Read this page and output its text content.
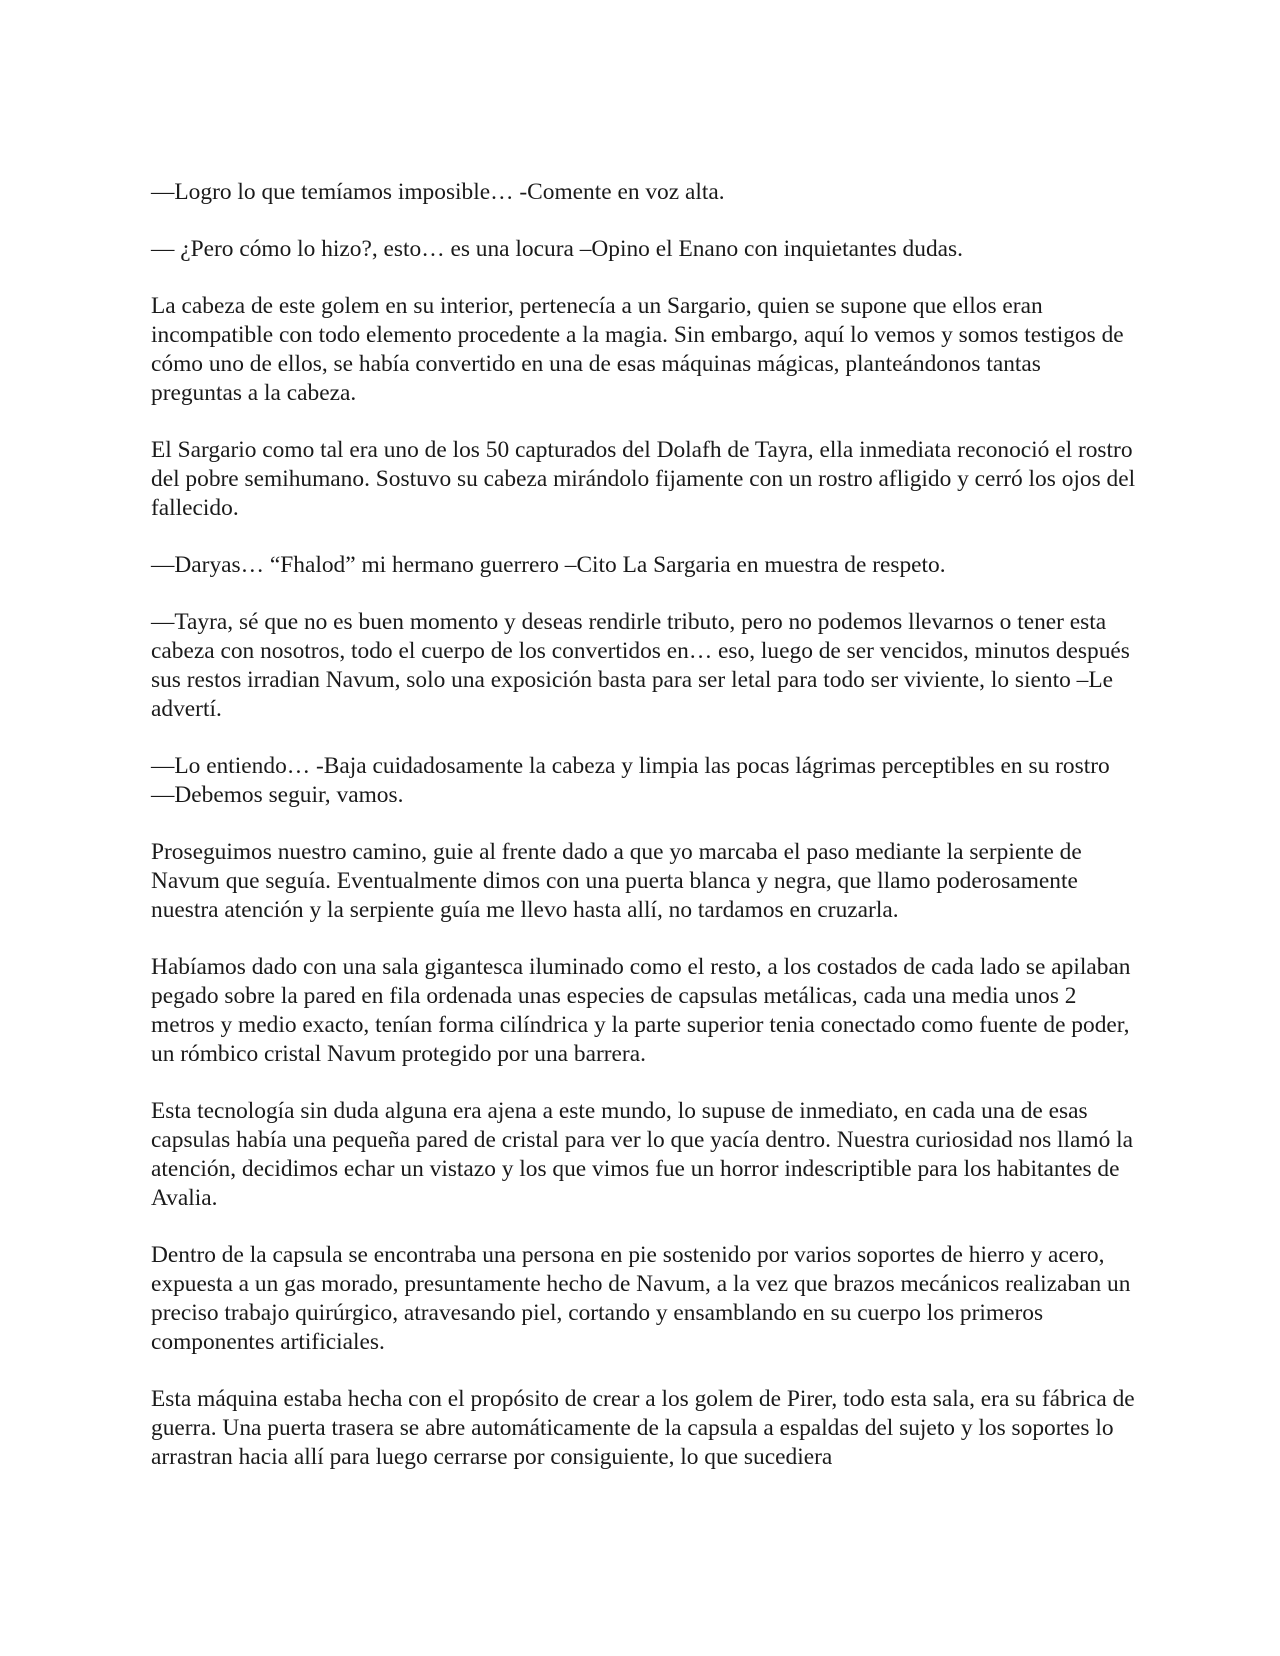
—Logro lo que temíamos imposible… -Comente en voz alta.

— ¿Pero cómo lo hizo?, esto… es una locura –Opino el Enano con inquietantes dudas.

La cabeza de este golem en su interior, pertenecía a un Sargario, quien se supone que ellos eran incompatible con todo elemento procedente a la magia. Sin embargo, aquí lo vemos y somos testigos de cómo uno de ellos, se había convertido en una de esas máquinas mágicas, planteándonos tantas preguntas a la cabeza.

El Sargario como tal era uno de los 50 capturados del Dolafh de Tayra, ella inmediata reconoció el rostro del pobre semihumano. Sostuvo su cabeza mirándolo fijamente con un rostro afligido y cerró los ojos del fallecido.

—Daryas… “Fhalod” mi hermano guerrero –Cito La Sargaria en muestra de respeto.

—Tayra, sé que no es buen momento y deseas rendirle tributo, pero no podemos llevarnos o tener esta cabeza con nosotros, todo el cuerpo de los convertidos en… eso, luego de ser vencidos, minutos después sus restos irradian Navum, solo una exposición basta para ser letal para todo ser viviente, lo siento –Le advertí.

—Lo entiendo… -Baja cuidadosamente la cabeza y limpia las pocas lágrimas perceptibles en su rostro —Debemos seguir, vamos.

Proseguimos nuestro camino, guie al frente dado a que yo marcaba el paso mediante la serpiente de Navum que seguía. Eventualmente dimos con una puerta blanca y negra, que llamo poderosamente nuestra atención y la serpiente guía me llevo hasta allí, no tardamos en cruzarla.

Habíamos dado con una sala gigantesca iluminado como el resto, a los costados de cada lado se apilaban pegado sobre la pared en fila ordenada unas especies de capsulas metálicas, cada una media unos 2 metros y medio exacto, tenían forma cilíndrica y la parte superior tenia conectado como fuente de poder, un rómbico cristal Navum protegido por una barrera.

Esta tecnología sin duda alguna era ajena a este mundo, lo supuse de inmediato, en cada una de esas capsulas había una pequeña pared de cristal para ver lo que yacía dentro. Nuestra curiosidad nos llamó la atención, decidimos echar un vistazo y los que vimos fue un horror indescriptible para los habitantes de Avalia.

Dentro de la capsula se encontraba una persona en pie sostenido por varios soportes de hierro y acero, expuesta a un gas morado, presuntamente hecho de Navum, a la vez que brazos mecánicos realizaban un preciso trabajo quirúrgico, atravesando piel, cortando y ensamblando en su cuerpo los primeros componentes artificiales.

Esta máquina estaba hecha con el propósito de crear a los golem de Pirer, todo esta sala, era su fábrica de guerra. Una puerta trasera se abre automáticamente de la capsula a espaldas del sujeto y los soportes lo arrastran hacia allí para luego cerrarse por consiguiente, lo que sucediera
